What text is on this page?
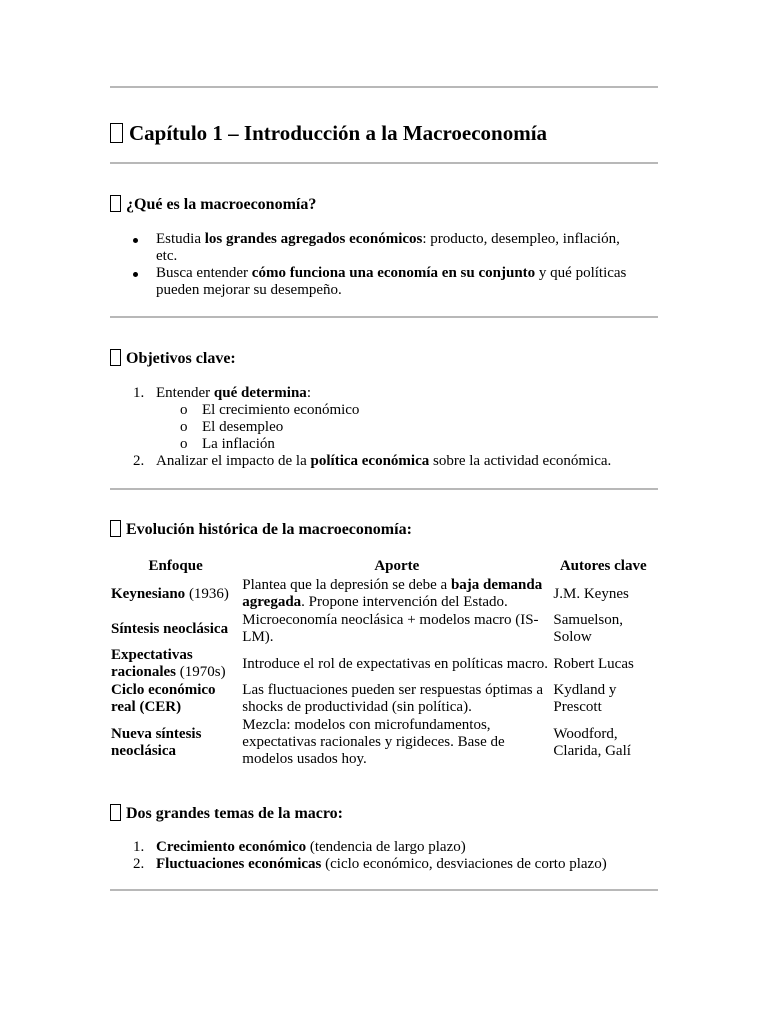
Capítulo 1 – Introducción a la Macroeconomía
¿Qué es la macroeconomía?
Estudia los grandes agregados económicos: producto, desempleo, inflación, etc.
Busca entender cómo funciona una economía en su conjunto y qué políticas pueden mejorar su desempeño.
Objetivos clave:
1. Entender qué determina:
o El crecimiento económico
o El desempleo
o La inflación
2. Analizar el impacto de la política económica sobre la actividad económica.
Evolución histórica de la macroeconomía:
Enfoque	Aporte	Autores clave
Keynesiano (1936)	Plantea que la depresión se debe a baja demanda agregada. Propone intervención del Estado.	J.M. Keynes
Síntesis neoclásica	Microeconomía neoclásica + modelos macro (IS-LM).	Samuelson, Solow
Expectativas racionales (1970s)	Introduce el rol de expectativas en políticas macro.	Robert Lucas
Ciclo económico real (CER)	Las fluctuaciones pueden ser respuestas óptimas a shocks de productividad (sin política).	Kydland y Prescott
Nueva síntesis neoclásica	Mezcla: modelos con microfundamentos, expectativas racionales y rigideces. Base de modelos usados hoy.	Woodford, Clarida, Galí
Dos grandes temas de la macro:
1. Crecimiento económico (tendencia de largo plazo)
2. Fluctuaciones económicas (ciclo económico, desviaciones de corto plazo)
